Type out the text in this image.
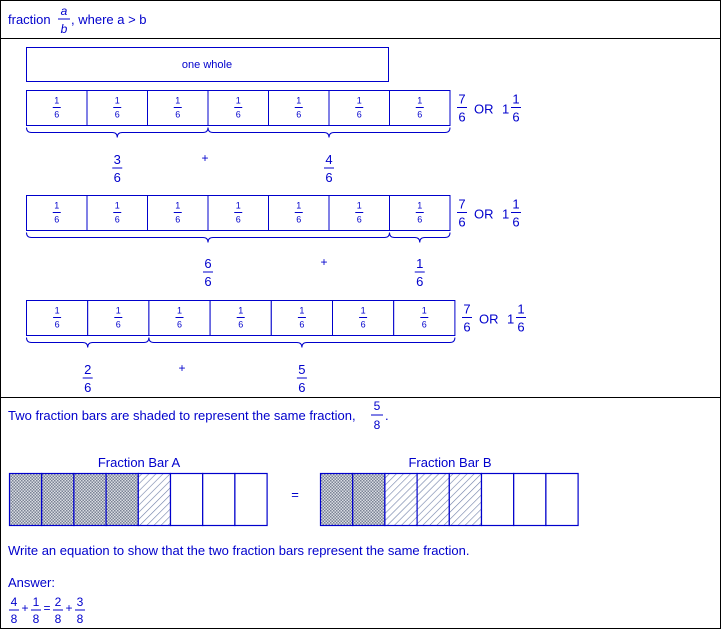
fraction
a
b
, where a > b
one whole
1
6
1
6
1
6
1
6
1
6
1
6
1
6
7
6
OR 1
1
6
3
6
4
6
+
1
6
1
6
1
6
1
6
1
6
1
6
1
6
7
6
OR 1
1
6
6
6
1
6
+
1
6
1
6
1
6
1
6
1
6
1
6
1
6
7
6
OR 1
1
6
2
6
5
6
+
Two fraction bars are shaded to represent the same fraction,
5
8
.
Fraction Bar A	Fraction Bar B
=
Write an equation to show that the two fraction bars represent the same fraction.
Answer:
4
8
+ 1
8
= 2
8
+ 3
8
